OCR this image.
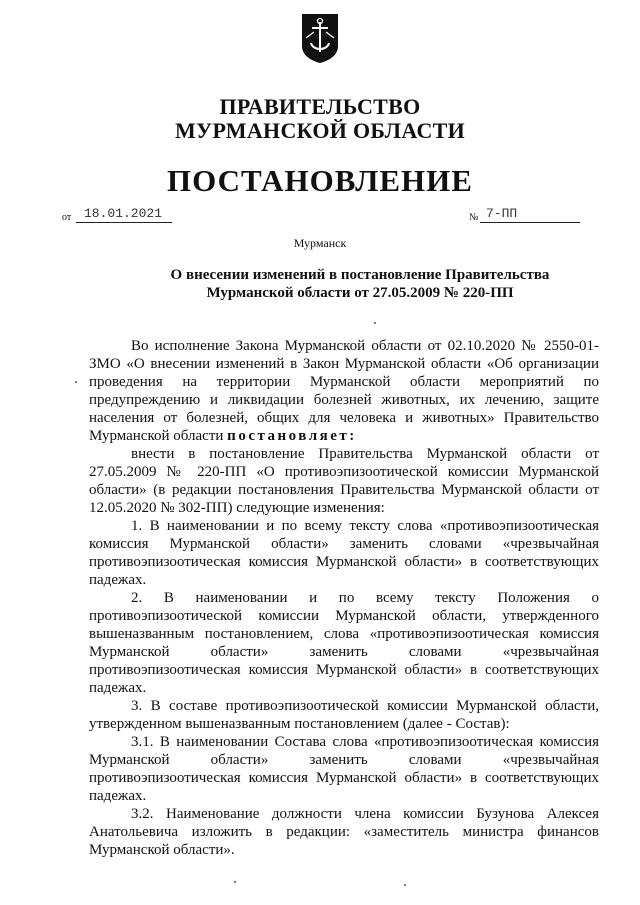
ПРАВИТЕЛЬСТВО
МУРМАНСКОЙ ОБЛАСТИ
ПОСТАНОВЛЕНИЕ
от 18.01.2021	№ 7-ПП
Мурманск
О внесении изменений в постановление Правительства
Мурманской области от 27.05.2009 № 220-ПП

Во исполнение Закона Мурманской области от 02.10.2020 № 2550-01-ЗМО «О внесении изменений в Закон Мурманской области «Об организации проведения на территории Мурманской области мероприятий по предупреждению и ликвидации болезней животных, их лечению, защите населения от болезней, общих для человека и животных» Правительство Мурманской области постановляет:

внести в постановление Правительства Мурманской области от 27.05.2009 № 220-ПП «О противоэпизоотической комиссии Мурманской области» (в редакции постановления Правительства Мурманской области от 12.05.2020 № 302-ПП) следующие изменения:

1. В наименовании и по всему тексту слова «противоэпизоотическая комиссия Мурманской области» заменить словами «чрезвычайная противоэпизоотическая комиссия Мурманской области» в соответствующих падежах.

2. В наименовании и по всему тексту Положения о противоэпизоотической комиссии Мурманской области, утвержденного вышеназванным постановлением, слова «противоэпизоотическая комиссия Мурманской области» заменить словами «чрезвычайная противоэпизоотическая комиссия Мурманской области» в соответствующих падежах.

3. В составе противоэпизоотической комиссии Мурманской области, утвержденном вышеназванным постановлением (далее - Состав):

3.1. В наименовании Состава слова «противоэпизоотическая комиссия Мурманской области» заменить словами «чрезвычайная противоэпизоотическая комиссия Мурманской области» в соответствующих падежах.

3.2. Наименование должности члена комиссии Бузунова Алексея Анатольевича изложить в редакции: «заместитель министра финансов Мурманской области».
